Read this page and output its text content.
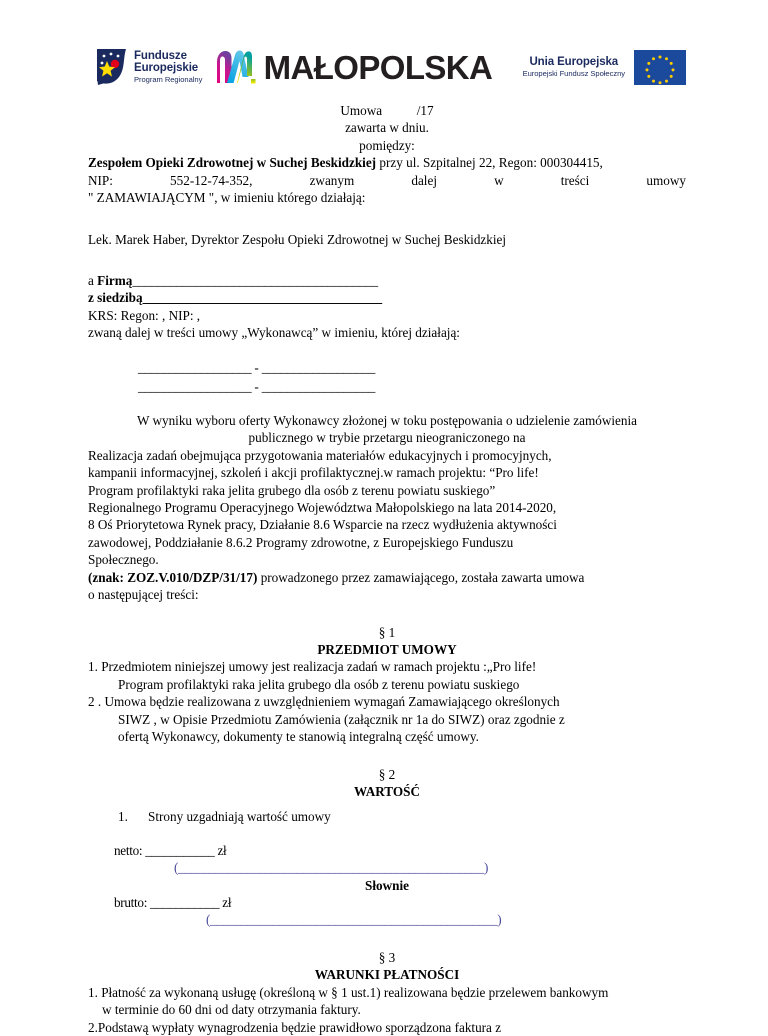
Fundusze
Europejskie
Program Regionalny MAŁOPOLSKA	Unia Europejska
Europejski Fundusz Społeczny
Umowa	/17
zawarta w dniu.
pomiędzy:
Zespołem Opieki Zdrowotnej w Suchej Beskidzkiej przy ul. Szpitalnej 22, Regon: 000304415,
NIP:	552-12-74-352,	zwanym	dalej	w	treści	umowy
" ZAMAWIAJĄCYM ", w imieniu którego działają:
Lek. Marek Haber, Dyrektor Zespołu Opieki Zdrowotnej w Suchej Beskidzkiej
a Firmą_______________________________________
z siedzibą______________________________________
KRS: Regon: , NIP: ,
zwaną dalej w treści umowy „Wykonawcą” w imieniu, której działają:
__________________ - __________________
__________________ - __________________
W wyniku wyboru oferty Wykonawcy złożonej w toku postępowania o udzielenie zamówienia
publicznego w trybie przetargu nieograniczonego na
Realizacja zadań obejmująca przygotowania materiałów edukacyjnych i promocyjnych,
kampanii informacyjnej, szkoleń i akcji profilaktycznej.w ramach projektu: “Pro life!
Program profilaktyki raka jelita grubego dla osób z terenu powiatu suskiego”
Regionalnego Programu Operacyjnego Województwa Małopolskiego na lata 2014-2020,
8 Oś Priorytetowa Rynek pracy, Działanie 8.6 Wsparcie na rzecz wydłużenia aktywności
zawodowej, Poddziałanie 8.6.2 Programy zdrowotne, z Europejskiego Funduszu
Społecznego.
(znak: ZOZ.V.010/DZP/31/17) prowadzonego przez zamawiającego, została zawarta umowa
o następującej treści:
§ 1
PRZEDMIOT UMOWY
1. Przedmiotem niniejszej umowy jest realizacja zadań w ramach projektu :„Pro life!
Program profilaktyki raka jelita grubego dla osób z terenu powiatu suskiego
2 . Umowa będzie realizowana z uwzględnieniem wymagań Zamawiającego określonych
SIWZ , w Opisie Przedmiotu Zamówienia (załącznik nr 1a do SIWZ) oraz zgodnie z
ofertą Wykonawcy, dokumenty te stanowią integralną część umowy.
§ 2
WARTOŚĆ
1.	Strony uzgadniają wartość umowy
netto: ___________ zł
(_________________________________________________)
Słownie
brutto: ___________ zł
(______________________________________________)
§ 3
WARUNKI PŁATNOŚCI
1. Płatność za wykonaną usługę (określoną w § 1 ust.1) realizowana będzie przelewem bankowym
w terminie do 60 dni od daty otrzymania faktury.
2.Podstawą wypłaty wynagrodzenia będzie prawidłowo sporządzona faktura z
